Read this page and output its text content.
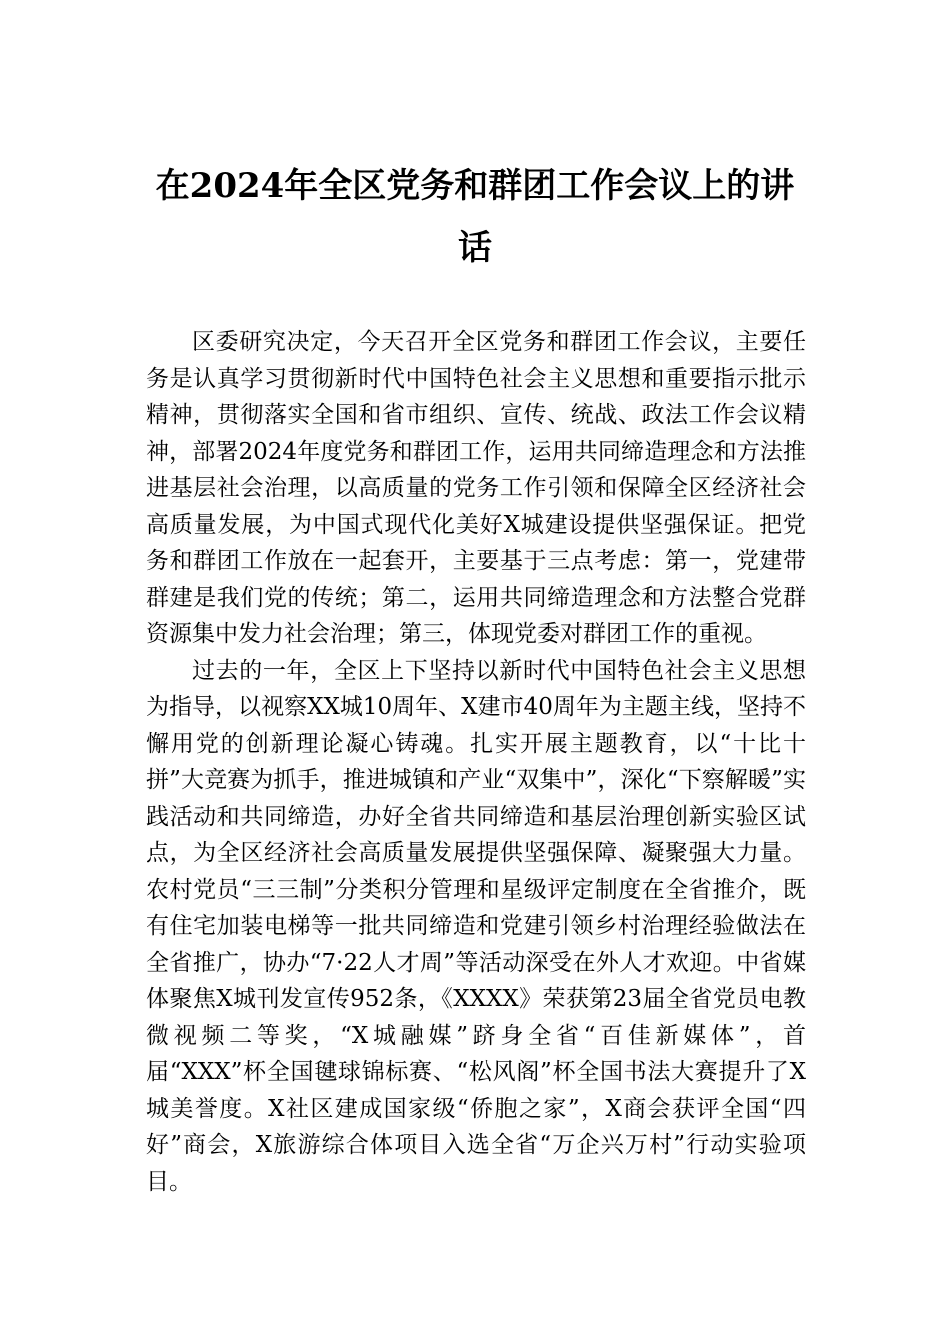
在2024年全区党务和群团工作会议上的讲话

区委研究决定，今天召开全区党务和群团工作会议，主要任务是认真学习贯彻新时代中国特色社会主义思想和重要指示批示精神，贯彻落实全国和省市组织、宣传、统战、政法工作会议精神，部署2024年度党务和群团工作，运用共同缔造理念和方法推进基层社会治理，以高质量的党务工作引领和保障全区经济社会高质量发展，为中国式现代化美好X城建设提供坚强保证。把党务和群团工作放在一起套开，主要基于三点考虑：第一，党建带群建是我们党的传统；第二，运用共同缔造理念和方法整合党群资源集中发力社会治理；第三，体现党委对群团工作的重视。

过去的一年，全区上下坚持以新时代中国特色社会主义思想为指导，以视察XX城10周年、X建市40周年为主题主线，坚持不懈用党的创新理论凝心铸魂。扎实开展主题教育，以“十比十拼”大竞赛为抓手，推进城镇和产业“双集中”，深化“下察解暖”实践活动和共同缔造，办好全省共同缔造和基层治理创新实验区试点，为全区经济社会高质量发展提供坚强保障、凝聚强大力量。农村党员“三三制”分类积分管理和星级评定制度在全省推介，既有住宅加装电梯等一批共同缔造和党建引领乡村治理经验做法在全省推广，协办“7·22人才周”等活动深受在外人才欢迎。中省媒体聚焦X城刊发宣传952条，《XXXX》荣获第23届全省党员电教微视频二等奖，“X城融媒”跻身全省“百佳新媒体”，首届“XXX”杯全国毽球锦标赛、“松风阁”杯全国书法大赛提升了X城美誉度。X社区建成国家级“侨胞之家”，X商会获评全国“四好”商会，X旅游综合体项目入选全省“万企兴万村”行动实验项目。
